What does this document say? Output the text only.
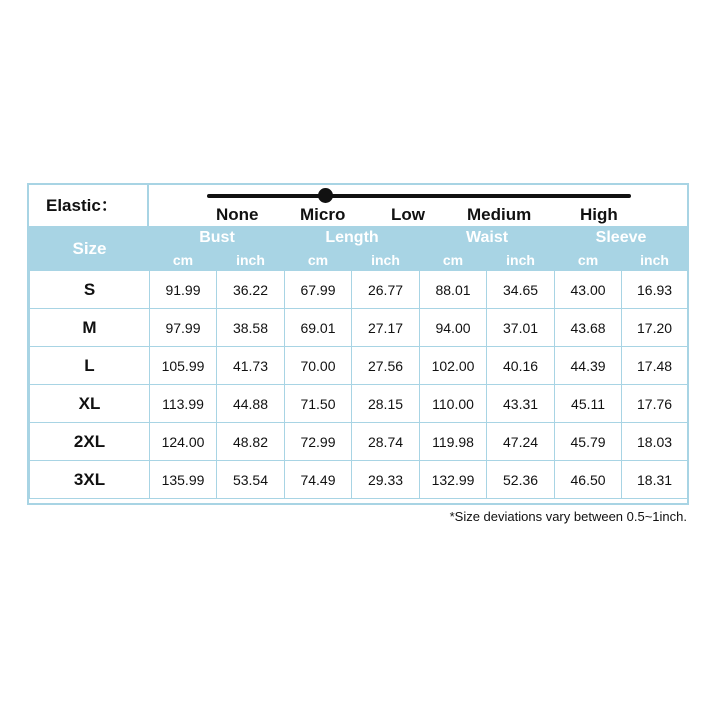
Elastic：	None Micro	Low Medium	High
Size	Bust		Length		Waist		Sleeve	
	cm	inch	cm	inch	cm	inch	cm	inch
S	91.99	36.22	67.99	26.77	88.01	34.65	43.00	16.93
M	97.99	38.58	69.01	27.17	94.00	37.01	43.68	17.20
L	105.99	41.73	70.00	27.56	102.00	40.16	44.39	17.48
XL	113.99	44.88	71.50	28.15	110.00	43.31	45.11	17.76
2XL	124.00	48.82	72.99	28.74	119.98	47.24	45.79	18.03
3XL	135.99	53.54	74.49	29.33	132.99	52.36	46.50	18.31
*Size deviations vary between 0.5~1inch.
